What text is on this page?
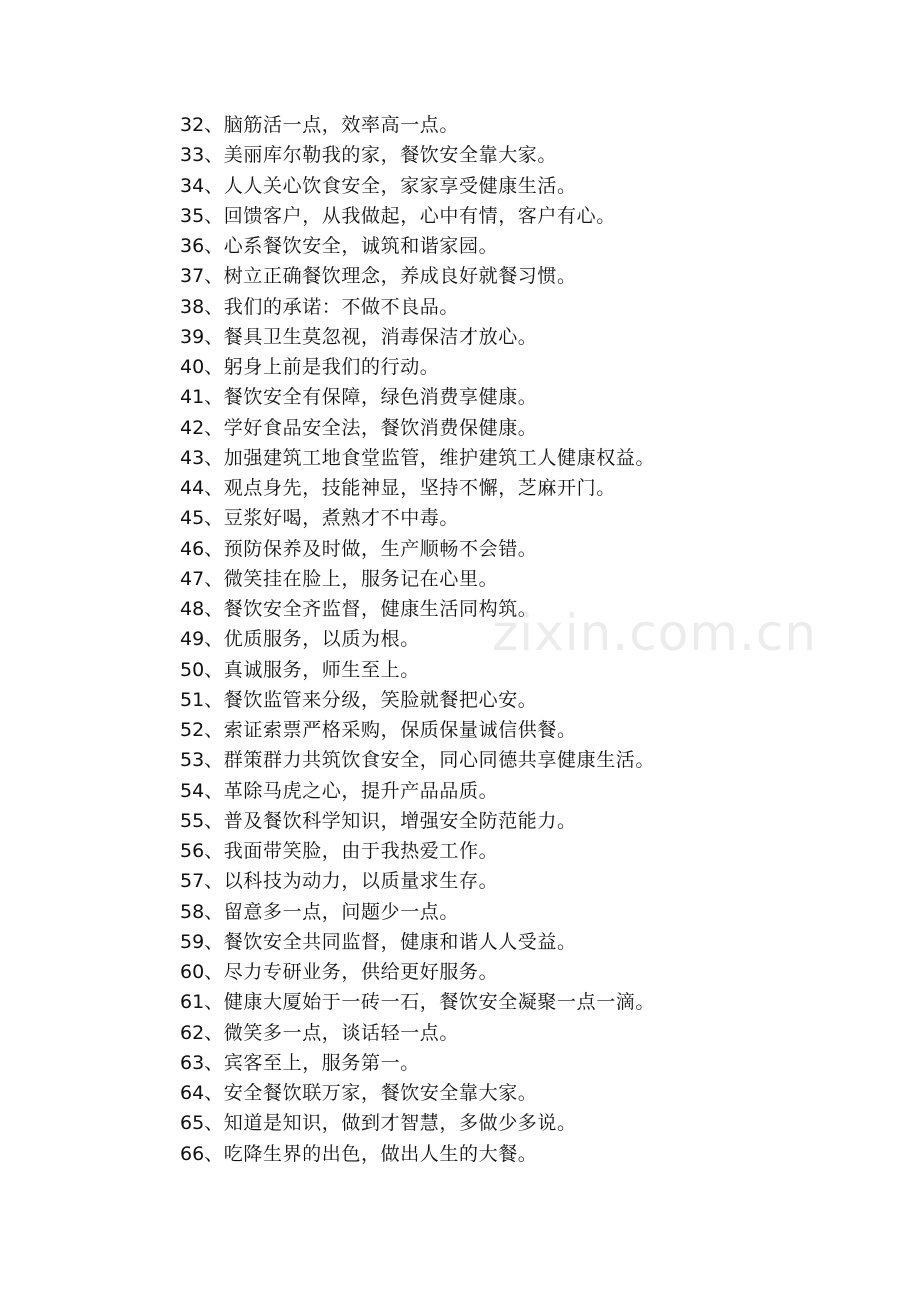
32、脑筋活一点，效率高一点。
33、美丽库尔勒我的家，餐饮安全靠大家。
34、人人关心饮食安全，家家享受健康生活。
35、回馈客户，从我做起，心中有情，客户有心。
36、心系餐饮安全，诚筑和谐家园。
37、树立正确餐饮理念，养成良好就餐习惯。
38、我们的承诺：不做不良品。
39、餐具卫生莫忽视，消毒保洁才放心。
40、躬身上前是我们的行动。
41、餐饮安全有保障，绿色消费享健康。
42、学好食品安全法，餐饮消费保健康。
43、加强建筑工地食堂监管，维护建筑工人健康权益。
44、观点身先，技能神显，坚持不懈，芝麻开门。
45、豆浆好喝，煮熟才不中毒。
46、预防保养及时做，生产顺畅不会错。
47、微笑挂在脸上，服务记在心里。
48、餐饮安全齐监督，健康生活同构筑。
49、优质服务，以质为根。
50、真诚服务，师生至上。
51、餐饮监管来分级，笑脸就餐把心安。
52、索证索票严格采购，保质保量诚信供餐。
53、群策群力共筑饮食安全，同心同德共享健康生活。
54、革除马虎之心，提升产品品质。
55、普及餐饮科学知识，增强安全防范能力。
56、我面带笑脸，由于我热爱工作。
57、以科技为动力，以质量求生存。
58、留意多一点，问题少一点。
59、餐饮安全共同监督，健康和谐人人受益。
60、尽力专研业务，供给更好服务。
61、健康大厦始于一砖一石，餐饮安全凝聚一点一滴。
62、微笑多一点，谈话轻一点。
63、宾客至上，服务第一。
64、安全餐饮联万家，餐饮安全靠大家。
65、知道是知识，做到才智慧，多做少多说。
66、吃降生界的出色，做出人生的大餐。
zixin.com.cn
